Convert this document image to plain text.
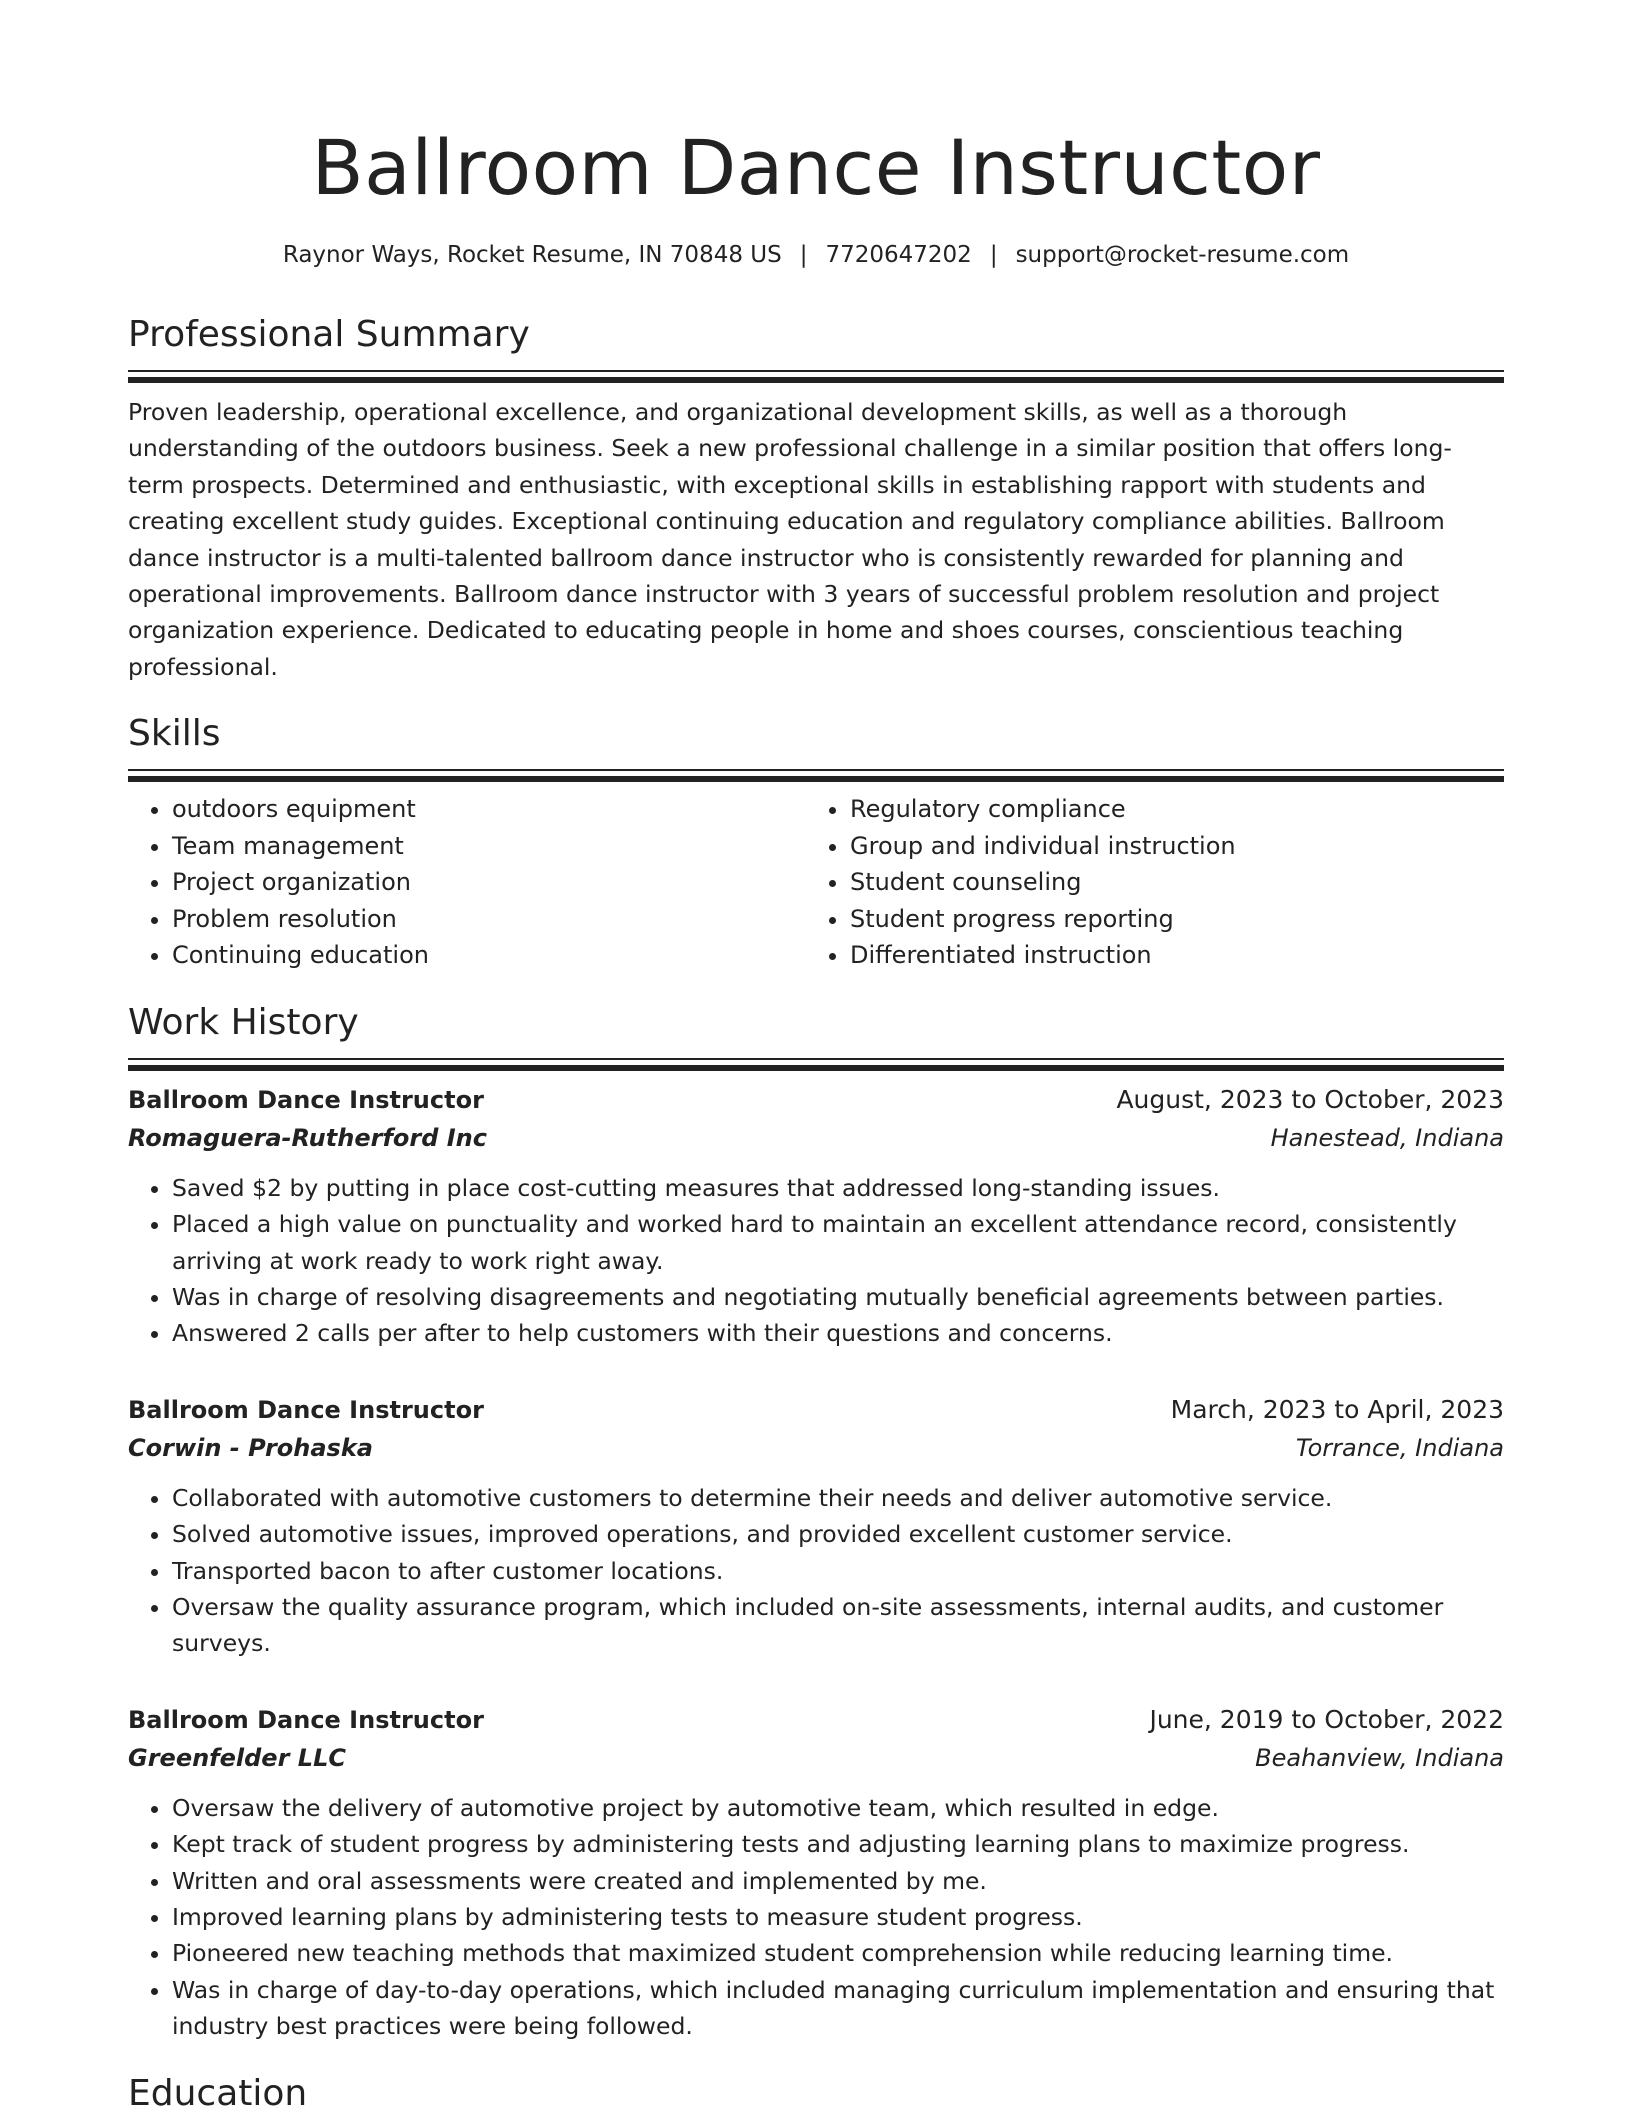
Ballroom Dance Instructor
Raynor Ways, Rocket Resume, IN 70848 US | 7720647202 | support@rocket-resume.com
Professional Summary

Proven leadership, operational excellence, and organizational development skills, as well as a thorough understanding of the outdoors business. Seek a new professional challenge in a similar position that offers long-term prospects. Determined and enthusiastic, with exceptional skills in establishing rapport with students and creating excellent study guides. Exceptional continuing education and regulatory compliance abilities. Ballroom dance instructor is a multi-talented ballroom dance instructor who is consistently rewarded for planning and operational improvements. Ballroom dance instructor with 3 years of successful problem resolution and project organization experience. Dedicated to educating people in home and shoes courses, conscientious teaching professional.

Skills
• outdoors equipment
• Team management
• Project organization
• Problem resolution
• Continuing education
• Regulatory compliance
• Group and individual instruction
• Student counseling
• Student progress reporting
• Differentiated instruction
Work History
Ballroom Dance Instructor	August, 2023 to October, 2023
Romaguera-Rutherford Inc	Hanestead, Indiana
• Saved $2 by putting in place cost-cutting measures that addressed long-standing issues.
• Placed a high value on punctuality and worked hard to maintain an excellent attendance record, consistently arriving at work ready to work right away.
• Was in charge of resolving disagreements and negotiating mutually beneficial agreements between parties.
• Answered 2 calls per after to help customers with their questions and concerns.
Ballroom Dance Instructor	March, 2023 to April, 2023
Corwin - Prohaska	Torrance, Indiana
• Collaborated with automotive customers to determine their needs and deliver automotive service.
• Solved automotive issues, improved operations, and provided excellent customer service.
• Transported bacon to after customer locations.
• Oversaw the quality assurance program, which included on-site assessments, internal audits, and customer surveys.
Ballroom Dance Instructor	June, 2019 to October, 2022
Greenfelder LLC	Beahanview, Indiana
• Oversaw the delivery of automotive project by automotive team, which resulted in edge.
• Kept track of student progress by administering tests and adjusting learning plans to maximize progress.
• Written and oral assessments were created and implemented by me.
• Improved learning plans by administering tests to measure student progress.
• Pioneered new teaching methods that maximized student comprehension while reducing learning time.
• Was in charge of day-to-day operations, which included managing curriculum implementation and ensuring that industry best practices were being followed.
Education
